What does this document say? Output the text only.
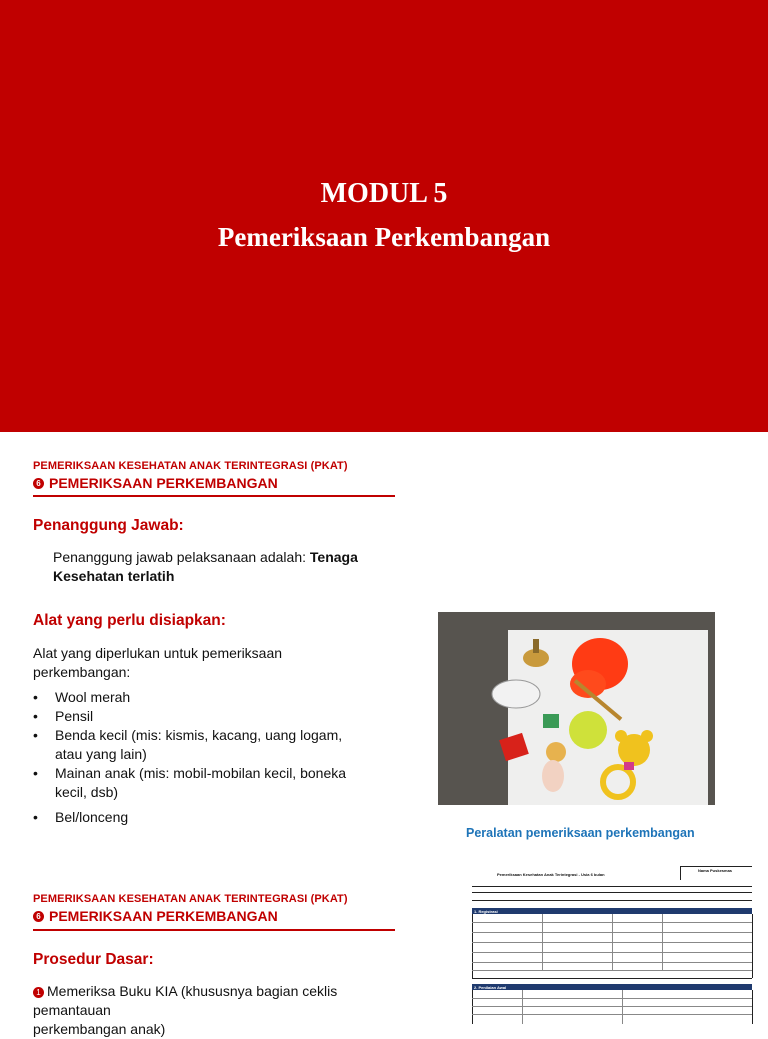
MODUL 5
Pemeriksaan Perkembangan
PEMERIKSAAN KESEHATAN ANAK TERINTEGRASI (PKAT)
6 PEMERIKSAAN PERKEMBANGAN
Penanggung Jawab:
Penanggung jawab pelaksanaan adalah: Tenaga
Kesehatan terlatih
Alat yang perlu disiapkan:
Alat yang diperlukan untuk pemeriksaan
perkembangan:
• Wool merah
• Pensil
• Benda kecil (mis: kismis, kacang, uang logam, atau yang lain)
• Mainan anak (mis: mobil-mobilan kecil, boneka kecil, dsb)
• Bel/lonceng
Peralatan pemeriksaan perkembangan
PEMERIKSAAN KESEHATAN ANAK TERINTEGRASI (PKAT)
6 PEMERIKSAAN PERKEMBANGAN
Prosedur Dasar:
1 Memeriksa Buku KIA (khususnya bagian ceklis pemantauan
perkembangan anak)
Pemeriksaan Kesehatan Anak Terintegrasi - Usia 6 bulan
Nama Puskesmas
1. Registrasi
2. Penilaian Awal
